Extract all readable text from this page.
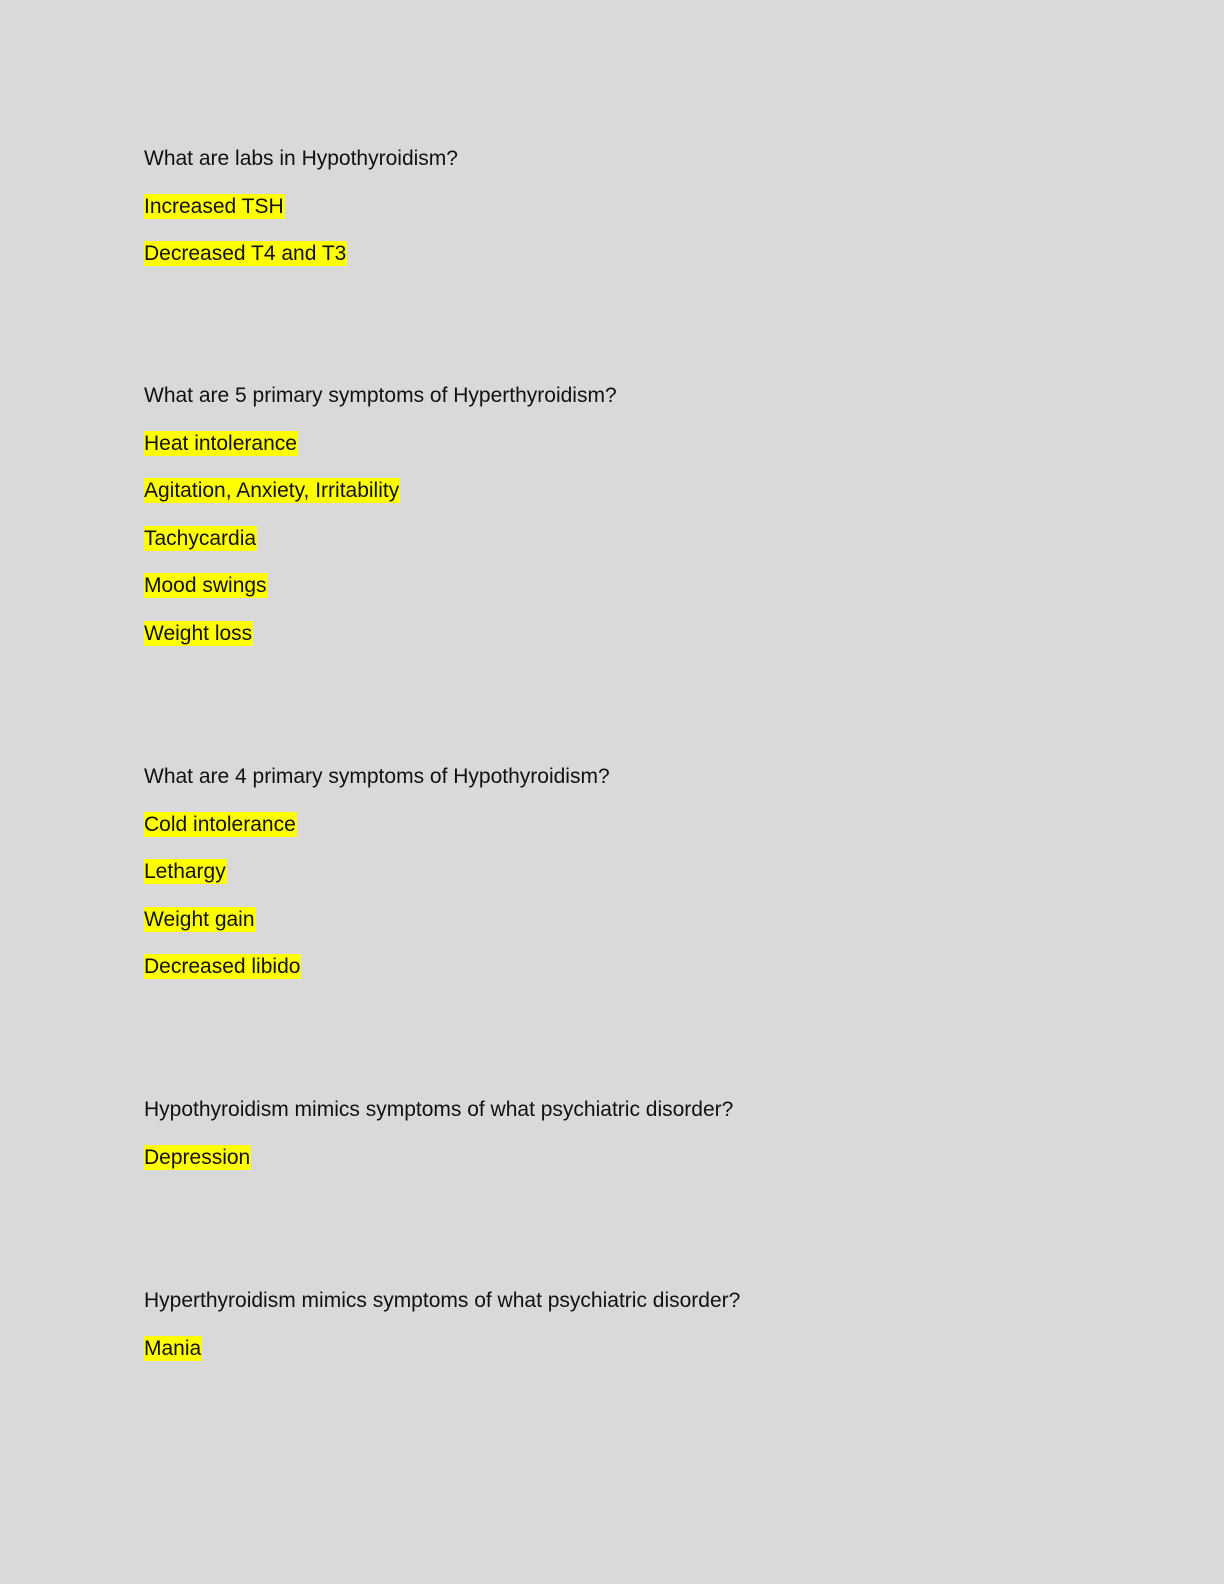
What are labs in Hypothyroidism?

Increased TSH
Decreased T4 and T3

What are 5 primary symptoms of Hyperthyroidism?

Heat intolerance
Agitation, Anxiety, Irritability
Tachycardia
Mood swings
Weight loss

What are 4 primary symptoms of Hypothyroidism?

Cold intolerance
Lethargy
Weight gain
Decreased libido

Hypothyroidism mimics symptoms of what psychiatric disorder?

Depression

Hyperthyroidism mimics symptoms of what psychiatric disorder?

Mania
